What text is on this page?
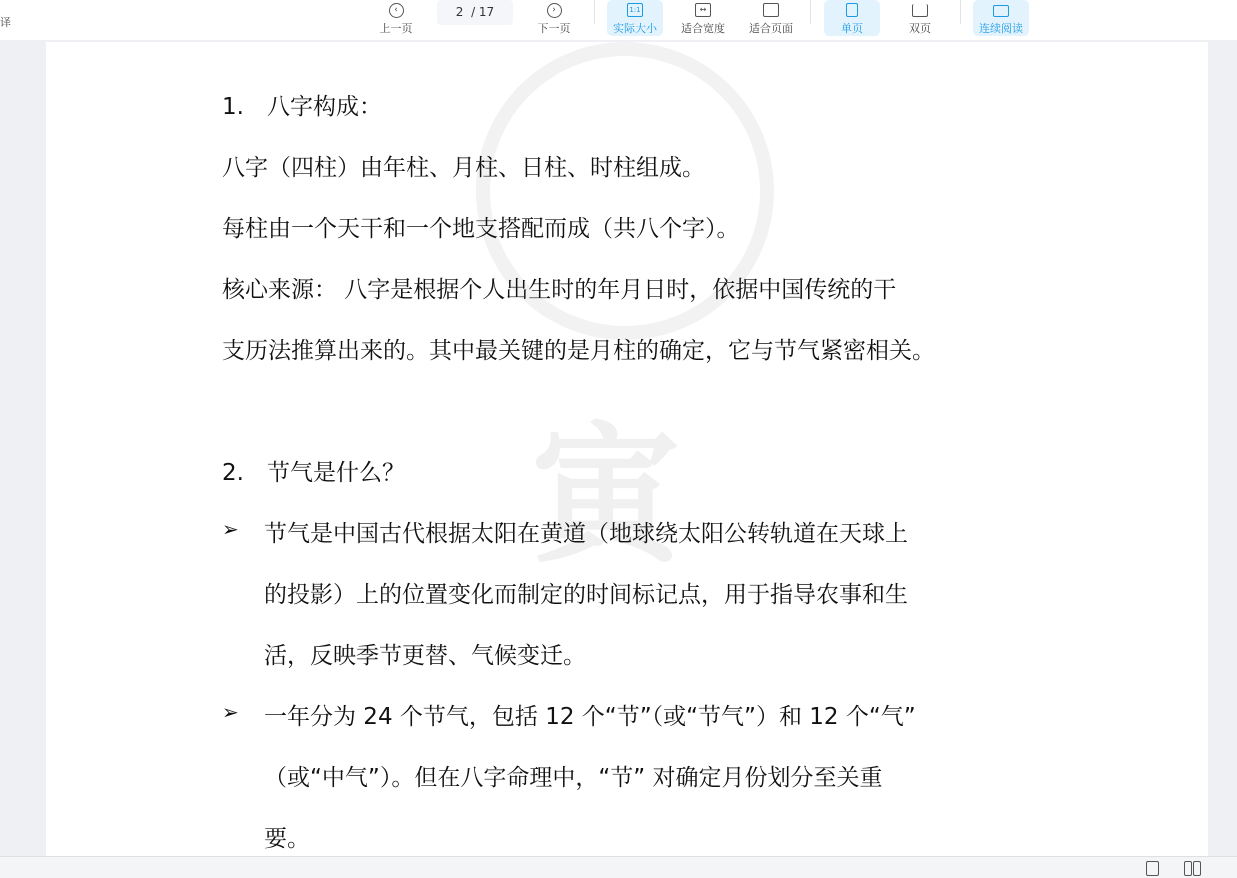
译
‹
上一页
2 / 17	›
下一页
1:1
实际大小
↔
适合宽度 适合页面	单页	双页	连续阅读
寅
1.　八字构成：
八字（四柱）由年柱、月柱、日柱、时柱组成。
每柱由一个天干和一个地支搭配而成（共八个字）。
核心来源： 八字是根据个人出生时的年月日时，依据中国传统的干
支历法推算出来的。其中最关键的是月柱的确定，它与节气紧密相关。
2.　节气是什么？
➢ 节气是中国古代根据太阳在黄道（地球绕太阳公转轨道在天球上
的投影）上的位置变化而制定的时间标记点，用于指导农事和生
活，反映季节更替、气候变迁。
➢ 一年分为 24 个节气，包括 12 个“节”（或“节气”）和 12 个“气”
（或“中气”）。但在八字命理中，“节” 对确定月份划分至关重
要。
